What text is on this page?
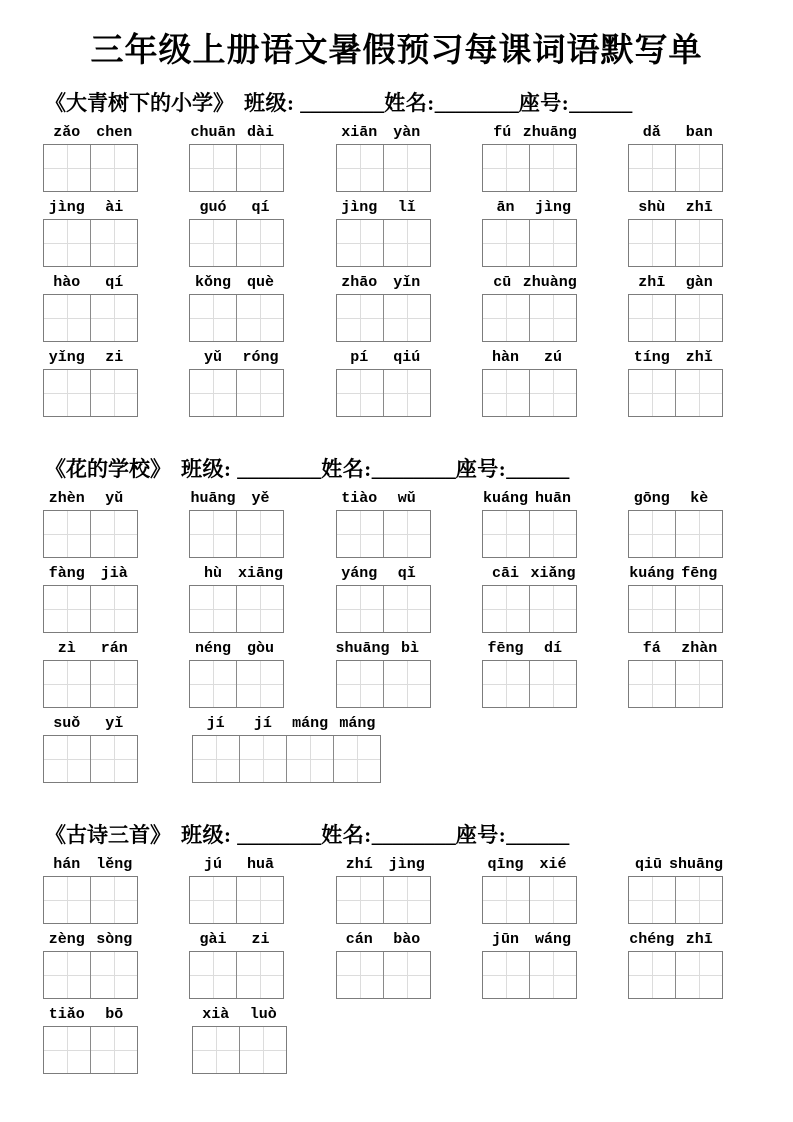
三年级上册语文暑假预习每课词语默写单
《大青树下的小学》 班级: ________姓名:________座号:______
zǎo	chen	chuān dài	xiān	yàn	fú zhuāng	dǎ	ban
jìng	ài	guó	qí	jìng	lǐ	ān	jìng	shù	zhī
hào	qí	kǒng	què	zhāo	yǐn	cū zhuàng	zhī	gàn
yǐng	zi	yǔ	róng	pí	qiú	hàn	zú	tíng	zhǐ
《花的学校》 班级: ________姓名:________座号:______
zhèn	yǔ	huāng	yě	tiào	wǔ	kuáng huān	gōng	kè
fàng	jià	hù	xiāng	yáng	qǐ	cāi xiǎng	kuáng fēng
zì	rán	néng	gòu	shuāng bì	fēng	dí	fá	zhàn
suǒ	yǐ	jí	jí	máng máng
《古诗三首》 班级: ________姓名:________座号:______
hán	lěng	jú	huā	zhí	jìng	qīng	xié	qiū shuāng
zèng sòng	gài	zi	cán	bào	jūn	wáng	chéng zhī
tiǎo	bō	xià	luò
